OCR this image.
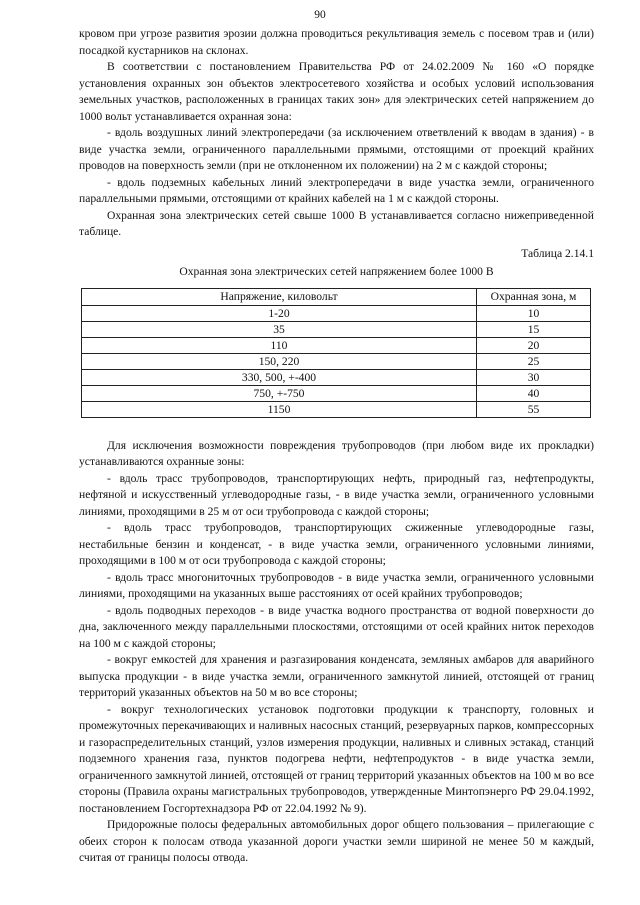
90

кровом при угрозе развития эрозии должна проводиться рекультивация земель с посевом трав и (или) посадкой кустарников на склонах.

В соответствии с постановлением Правительства РФ от 24.02.2009 № 160 «О порядке установления охранных зон объектов электросетевого хозяйства и особых условий использования земельных участков, расположенных в границах таких зон» для электрических сетей напряжением до 1000 вольт устанавливается охранная зона:

- вдоль воздушных линий электропередачи (за исключением ответвлений к вводам в здания) - в виде участка земли, ограниченного параллельными прямыми, отстоящими от проекций крайних проводов на поверхность земли (при не отклоненном их положении) на 2 м с каждой стороны;

- вдоль подземных кабельных линий электропередачи в виде участка земли, ограниченного параллельными прямыми, отстоящими от крайних кабелей на 1 м с каждой стороны.

Охранная зона электрических сетей свыше 1000 В устанавливается согласно нижеприведенной таблице.

Таблица 2.14.1
Охранная зона электрических сетей напряжением более 1000 В
Напряжение, киловольт	Охранная зона, м
1-20	10
35	15
110	20
150, 220	25
330, 500, +-400	30
750, +-750	40
1150	55

Для исключения возможности повреждения трубопроводов (при любом виде их прокладки) устанавливаются охранные зоны:

- вдоль трасс трубопроводов, транспортирующих нефть, природный газ, нефтепродукты, нефтяной и искусственный углеводородные газы, - в виде участка земли, ограниченного условными линиями, проходящими в 25 м от оси трубопровода с каждой стороны;

- вдоль трасс трубопроводов, транспортирующих сжиженные углеводородные газы, нестабильные бензин и конденсат, - в виде участка земли, ограниченного условными линиями, проходящими в 100 м от оси трубопровода с каждой стороны;

- вдоль трасс многониточных трубопроводов - в виде участка земли, ограниченного условными линиями, проходящими на указанных выше расстояниях от осей крайних трубопроводов;

- вдоль подводных переходов - в виде участка водного пространства от водной поверхности до дна, заключенного между параллельными плоскостями, отстоящими от осей крайних ниток переходов на 100 м с каждой стороны;

- вокруг емкостей для хранения и разгазирования конденсата, земляных амбаров для аварийного выпуска продукции - в виде участка земли, ограниченного замкнутой линией, отстоящей от границ территорий указанных объектов на 50 м во все стороны;

- вокруг технологических установок подготовки продукции к транспорту, головных и промежуточных перекачивающих и наливных насосных станций, резервуарных парков, компрессорных и газораспределительных станций, узлов измерения продукции, наливных и сливных эстакад, станций подземного хранения газа, пунктов подогрева нефти, нефтепродуктов - в виде участка земли, ограниченного замкнутой линией, отстоящей от границ территорий указанных объектов на 100 м во все стороны (Правила охраны магистральных трубопроводов, утвержденные Минтопэнерго РФ 29.04.1992, постановлением Госгортехнадзора РФ от 22.04.1992 № 9).

Придорожные полосы федеральных автомобильных дорог общего пользования – прилегающие с обеих сторон к полосам отвода указанной дороги участки земли шириной не менее 50 м каждый, считая от границы полосы отвода.
